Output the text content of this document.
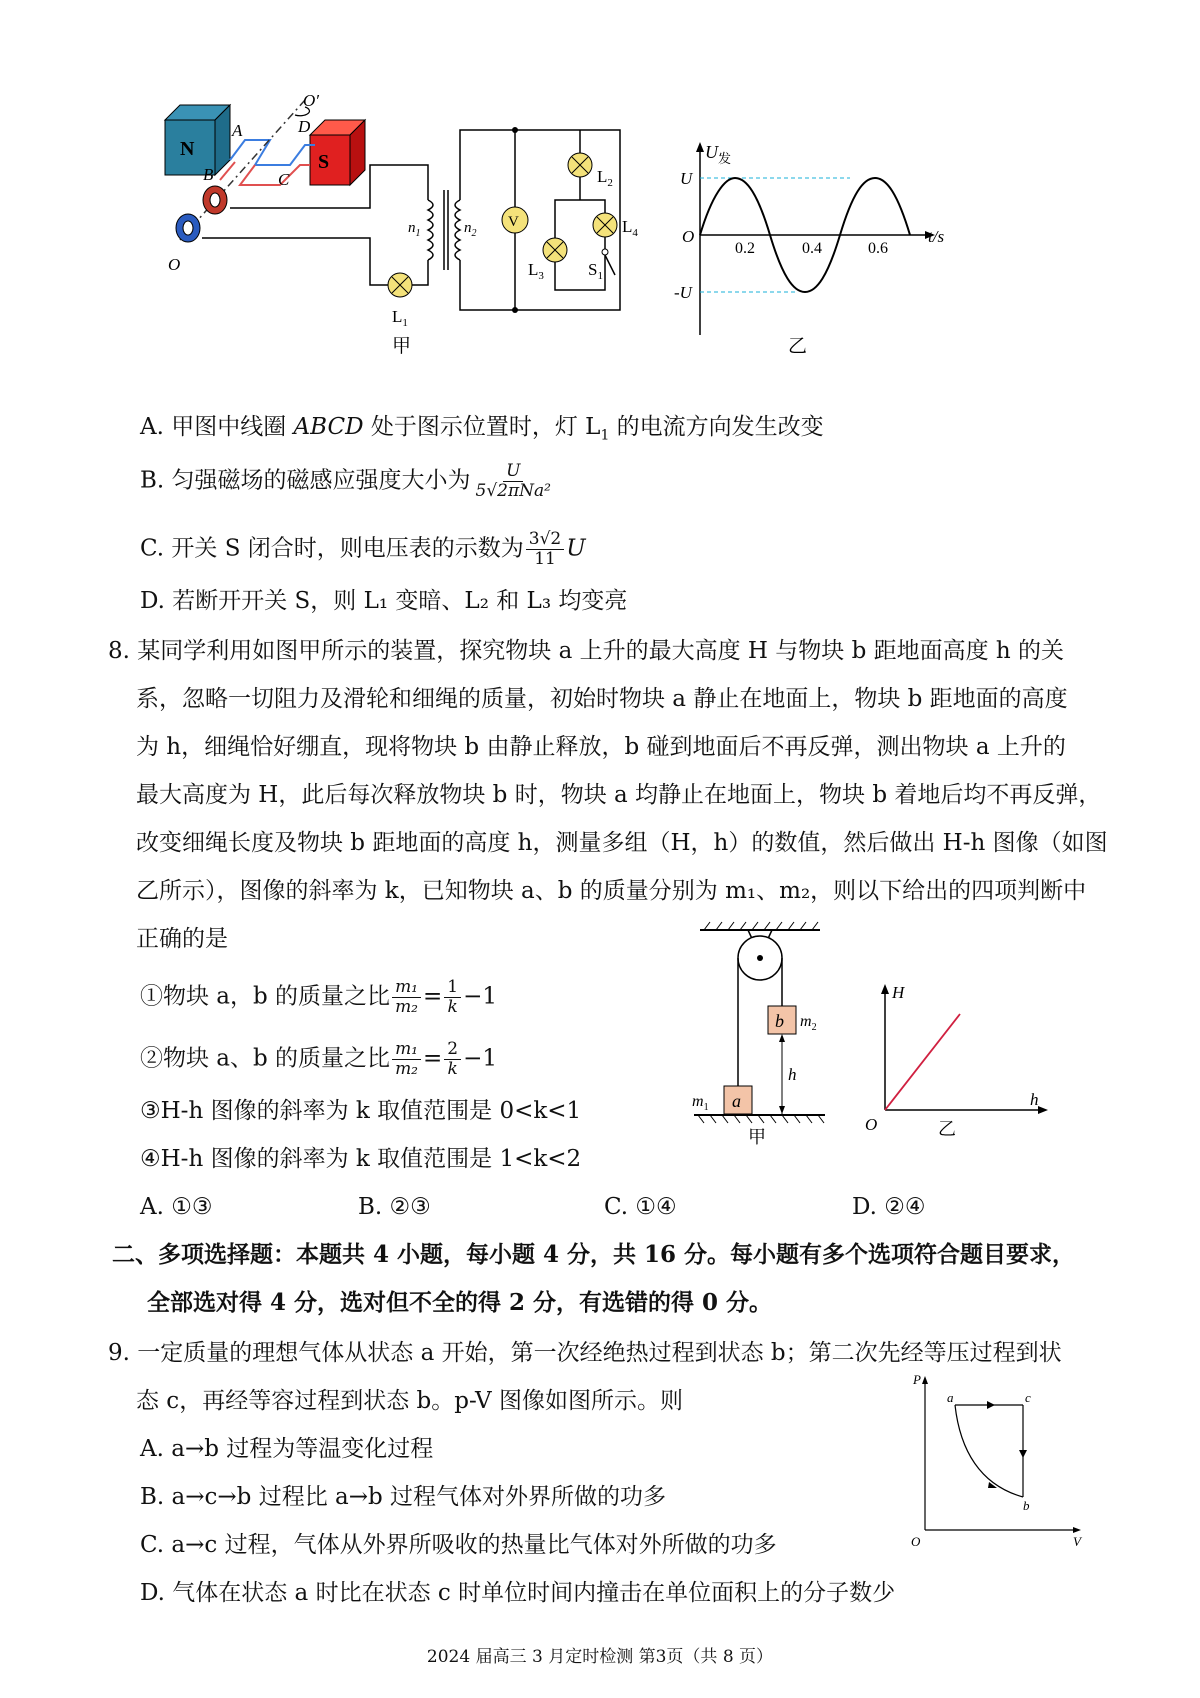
N
S
A
B	C
D
O′
O
$L_1$
$n_1$	$n_2$
V
$L_2$
$L_3$
$L_4$
$S_1$
甲
$U_发$
t/s
U
-U
O
0.2	0.4	0.6
乙
A. 甲图中线圈 ABCD 处于图示位置时，灯 $L_1$ 的电流方向发生改变
B. 匀强磁场的磁感应强度大小为 $\frac{U}{\text{5√2πNa²}}$
C. 开关 S 闭合时，则电压表的示数为 $\frac{3√2}{11}$ U
D. 若断开开关 S，则 L₁ 变暗、L₂ 和 L₃ 均变亮
8. 某同学利用如图甲所示的装置，探究物块 a 上升的最大高度 H 与物块 b 距地面高度 h 的关
系，忽略一切阻力及滑轮和细绳的质量，初始时物块 a 静止在地面上，物块 b 距地面的高度
为 h，细绳恰好绷直，现将物块 b 由静止释放，b 碰到地面后不再反弹，测出物块 a 上升的
最大高度为 H，此后每次释放物块 b 时，物块 a 均静止在地面上，物块 b 着地后均不再反弹，
改变细绳长度及物块 b 距地面的高度 h，测量多组（H，h）的数值，然后做出 H-h 图像（如图
乙所示），图像的斜率为 k，已知物块 a、b 的质量分别为 m₁、m₂，则以下给出的四项判断中
正确的是
①物块 a，b 的质量之比 $\frac{\text{m₁}}{\text{m₂}} = \frac{1}{k} -1$
②物块 a、b 的质量之比 $\frac{\text{m₁}}{\text{m₂}} = \frac{2}{k} -1$
③H-h 图像的斜率为 k 取值范围是 0<k<1
④H-h 图像的斜率为 k 取值范围是 1<k<2
A. ①③	B. ②③	C. ①④	D. ②④
b $m_2$
a
$m_1$
h
甲
H
h
O	乙
二、多项选择题：本题共 4 小题，每小题 4 分，共 16 分。每小题有多个选项符合题目要求，
全部选对得 4 分，选对但不全的得 2 分，有选错的得 0 分。
9. 一定质量的理想气体从状态 a 开始，第一次经绝热过程到状态 b；第二次先经等压过程到状
态 c，再经等容过程到状态 b。p-V 图像如图所示。则
A. a→b 过程为等温变化过程
B. a→c→b 过程比 a→b 过程气体对外界所做的功多
C. a→c 过程，气体从外界所吸收的热量比气体对外所做的功多
D. 气体在状态 a 时比在状态 c 时单位时间内撞击在单位面积上的分子数少
P
V
O
a
b
c
2024 届高三 3 月定时检测 第3页（共 8 页）
